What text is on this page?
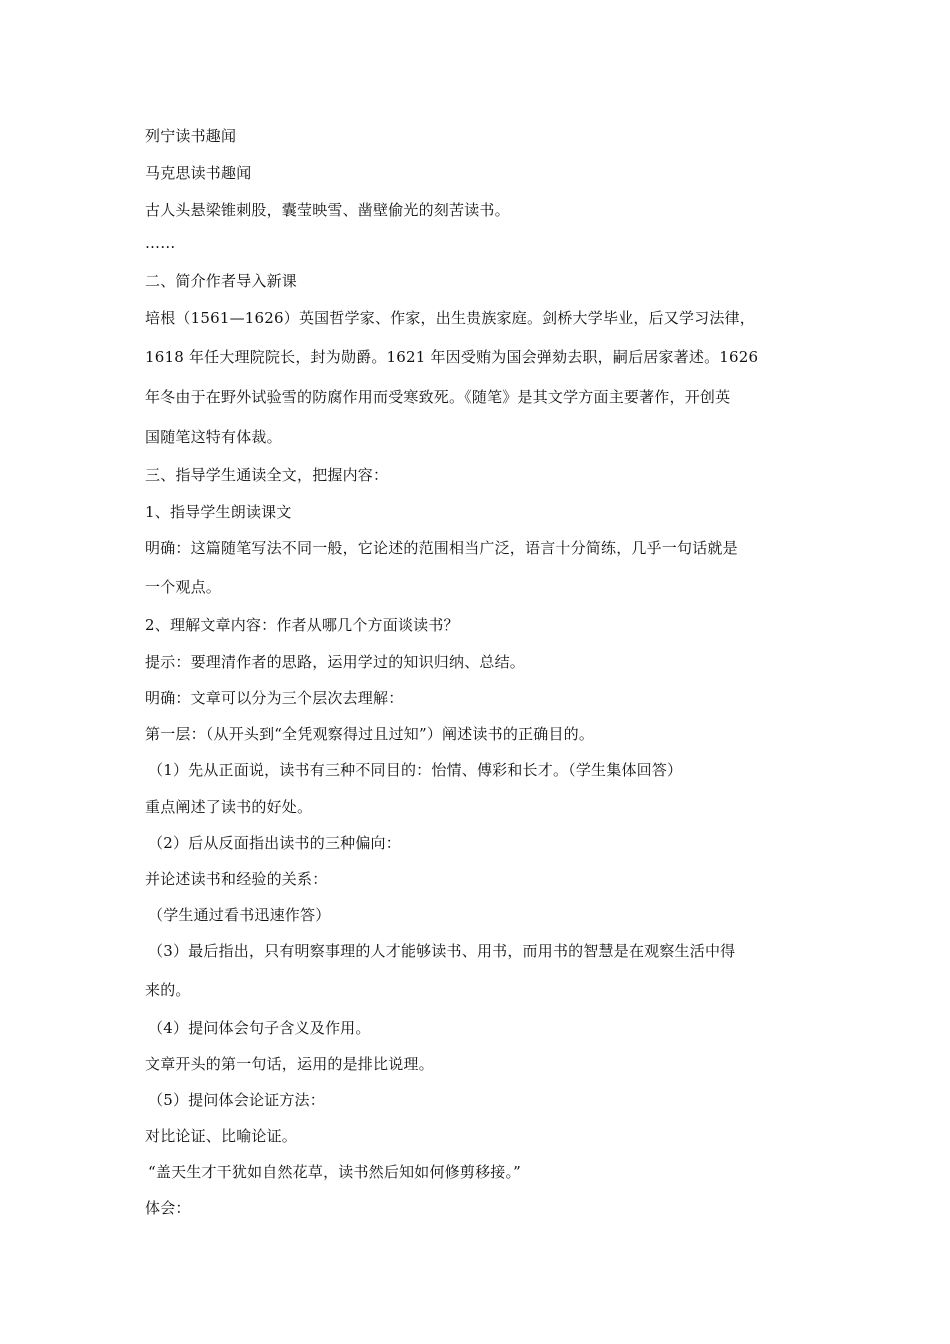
列宁读书趣闻
马克思读书趣闻
古人头悬梁锥刺股，囊莹映雪、凿壁偷光的刻苦读书。
……
二、简介作者导入新课
培根（1561—1626）英国哲学家、作家，出生贵族家庭。剑桥大学毕业，后又学习法律，
1618 年任大理院院长，封为勋爵。1621 年因受贿为国会弹劾去职，嗣后居家著述。1626
年冬由于在野外试验雪的防腐作用而受寒致死。《随笔》是其文学方面主要著作，开创英
国随笔这特有体裁。
三、指导学生通读全文，把握内容：
1、指导学生朗读课文
明确：这篇随笔写法不同一般，它论述的范围相当广泛，语言十分简练，几乎一句话就是
一个观点。
2、理解文章内容：作者从哪几个方面谈读书？
提示：要理清作者的思路，运用学过的知识归纳、总结。
明确：文章可以分为三个层次去理解：
第一层：（从开头到“全凭观察得过且过知”）阐述读书的正确目的。
（1）先从正面说，读书有三种不同目的：怡情、傅彩和长才。（学生集体回答）
重点阐述了读书的好处。
（2）后从反面指出读书的三种偏向：
并论述读书和经验的关系：
（学生通过看书迅速作答）
（3）最后指出，只有明察事理的人才能够读书、用书，而用书的智慧是在观察生活中得
来的。
（4）提问体会句子含义及作用。
文章开头的第一句话，运用的是排比说理。
（5）提问体会论证方法：
对比论证、比喻论证。
“盖天生才干犹如自然花草，读书然后知如何修剪移接。”
体会：
